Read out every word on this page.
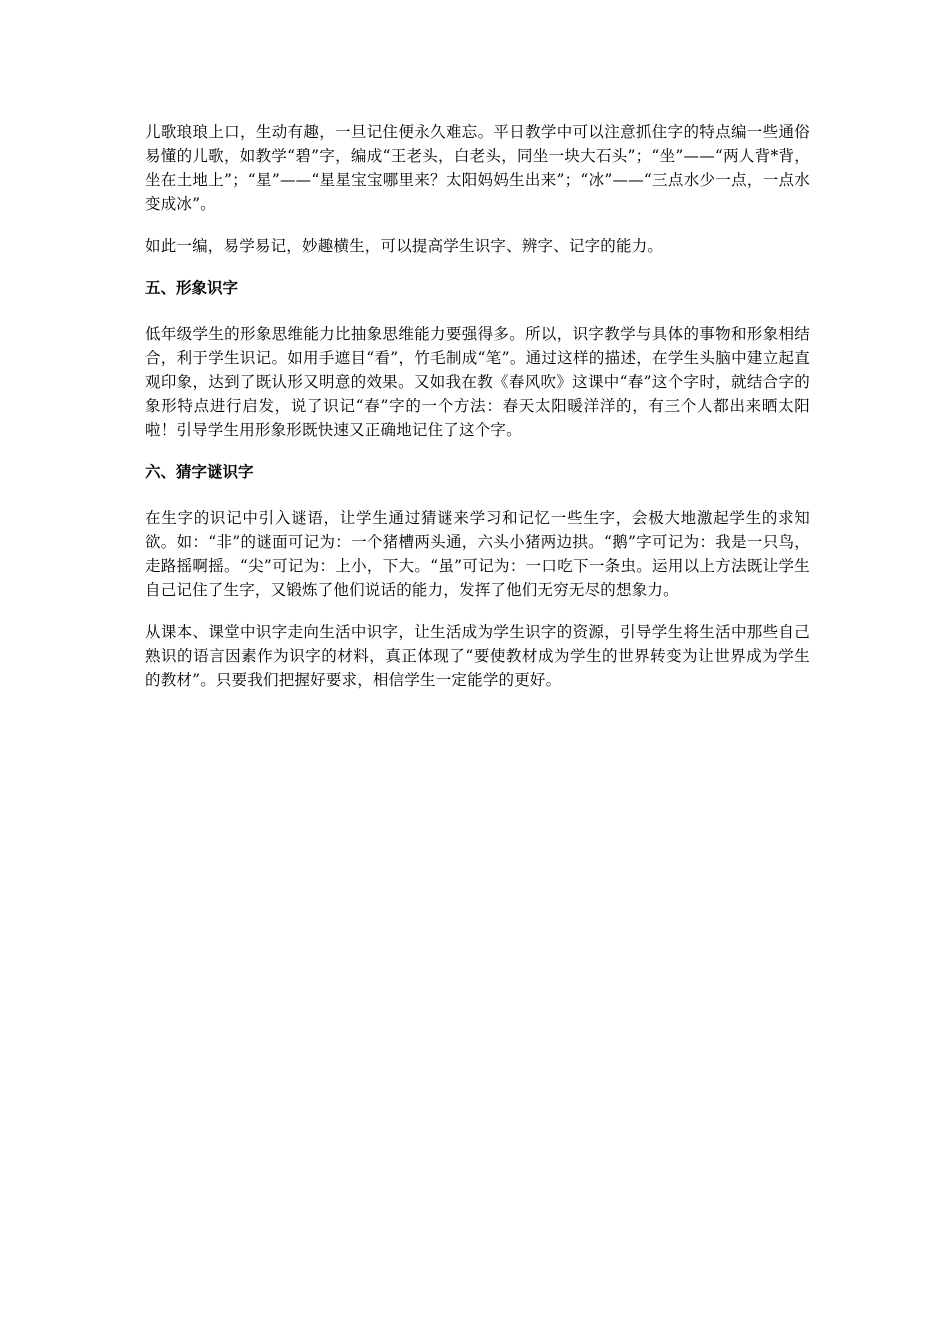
儿歌琅琅上口，生动有趣，一旦记住便永久难忘。平日教学中可以注意抓住字的特点编一些通俗易懂的儿歌，如教学“碧”字，编成“王老头，白老头，同坐一块大石头”；“坐”——“两人背*背，坐在土地上”；“星”——“星星宝宝哪里来？太阳妈妈生出来”；“冰”——“三点水少一点，一点水变成冰”。

如此一编，易学易记，妙趣横生，可以提高学生识字、辨字、记字的能力。

五、形象识字

低年级学生的形象思维能力比抽象思维能力要强得多。所以，识字教学与具体的事物和形象相结合，利于学生识记。如用手遮目“看”，竹毛制成“笔”。通过这样的描述，在学生头脑中建立起直观印象，达到了既认形又明意的效果。又如我在教《春风吹》这课中“春”这个字时，就结合字的象形特点进行启发，说了识记“春”字的一个方法：春天太阳暖洋洋的，有三个人都出来晒太阳啦！引导学生用形象形既快速又正确地记住了这个字。

六、猜字谜识字

在生字的识记中引入谜语，让学生通过猜谜来学习和记忆一些生字，会极大地激起学生的求知欲。如：“非”的谜面可记为：一个猪槽两头通，六头小猪两边拱。“鹅”字可记为：我是一只鸟，走路摇啊摇。“尖”可记为：上小，下大。“虽”可记为：一口吃下一条虫。运用以上方法既让学生自己记住了生字，又锻炼了他们说话的能力，发挥了他们无穷无尽的想象力。

从课本、课堂中识字走向生活中识字，让生活成为学生识字的资源，引导学生将生活中那些自己熟识的语言因素作为识字的材料，真正体现了“要使教材成为学生的世界转变为让世界成为学生的教材”。只要我们把握好要求，相信学生一定能学的更好。
